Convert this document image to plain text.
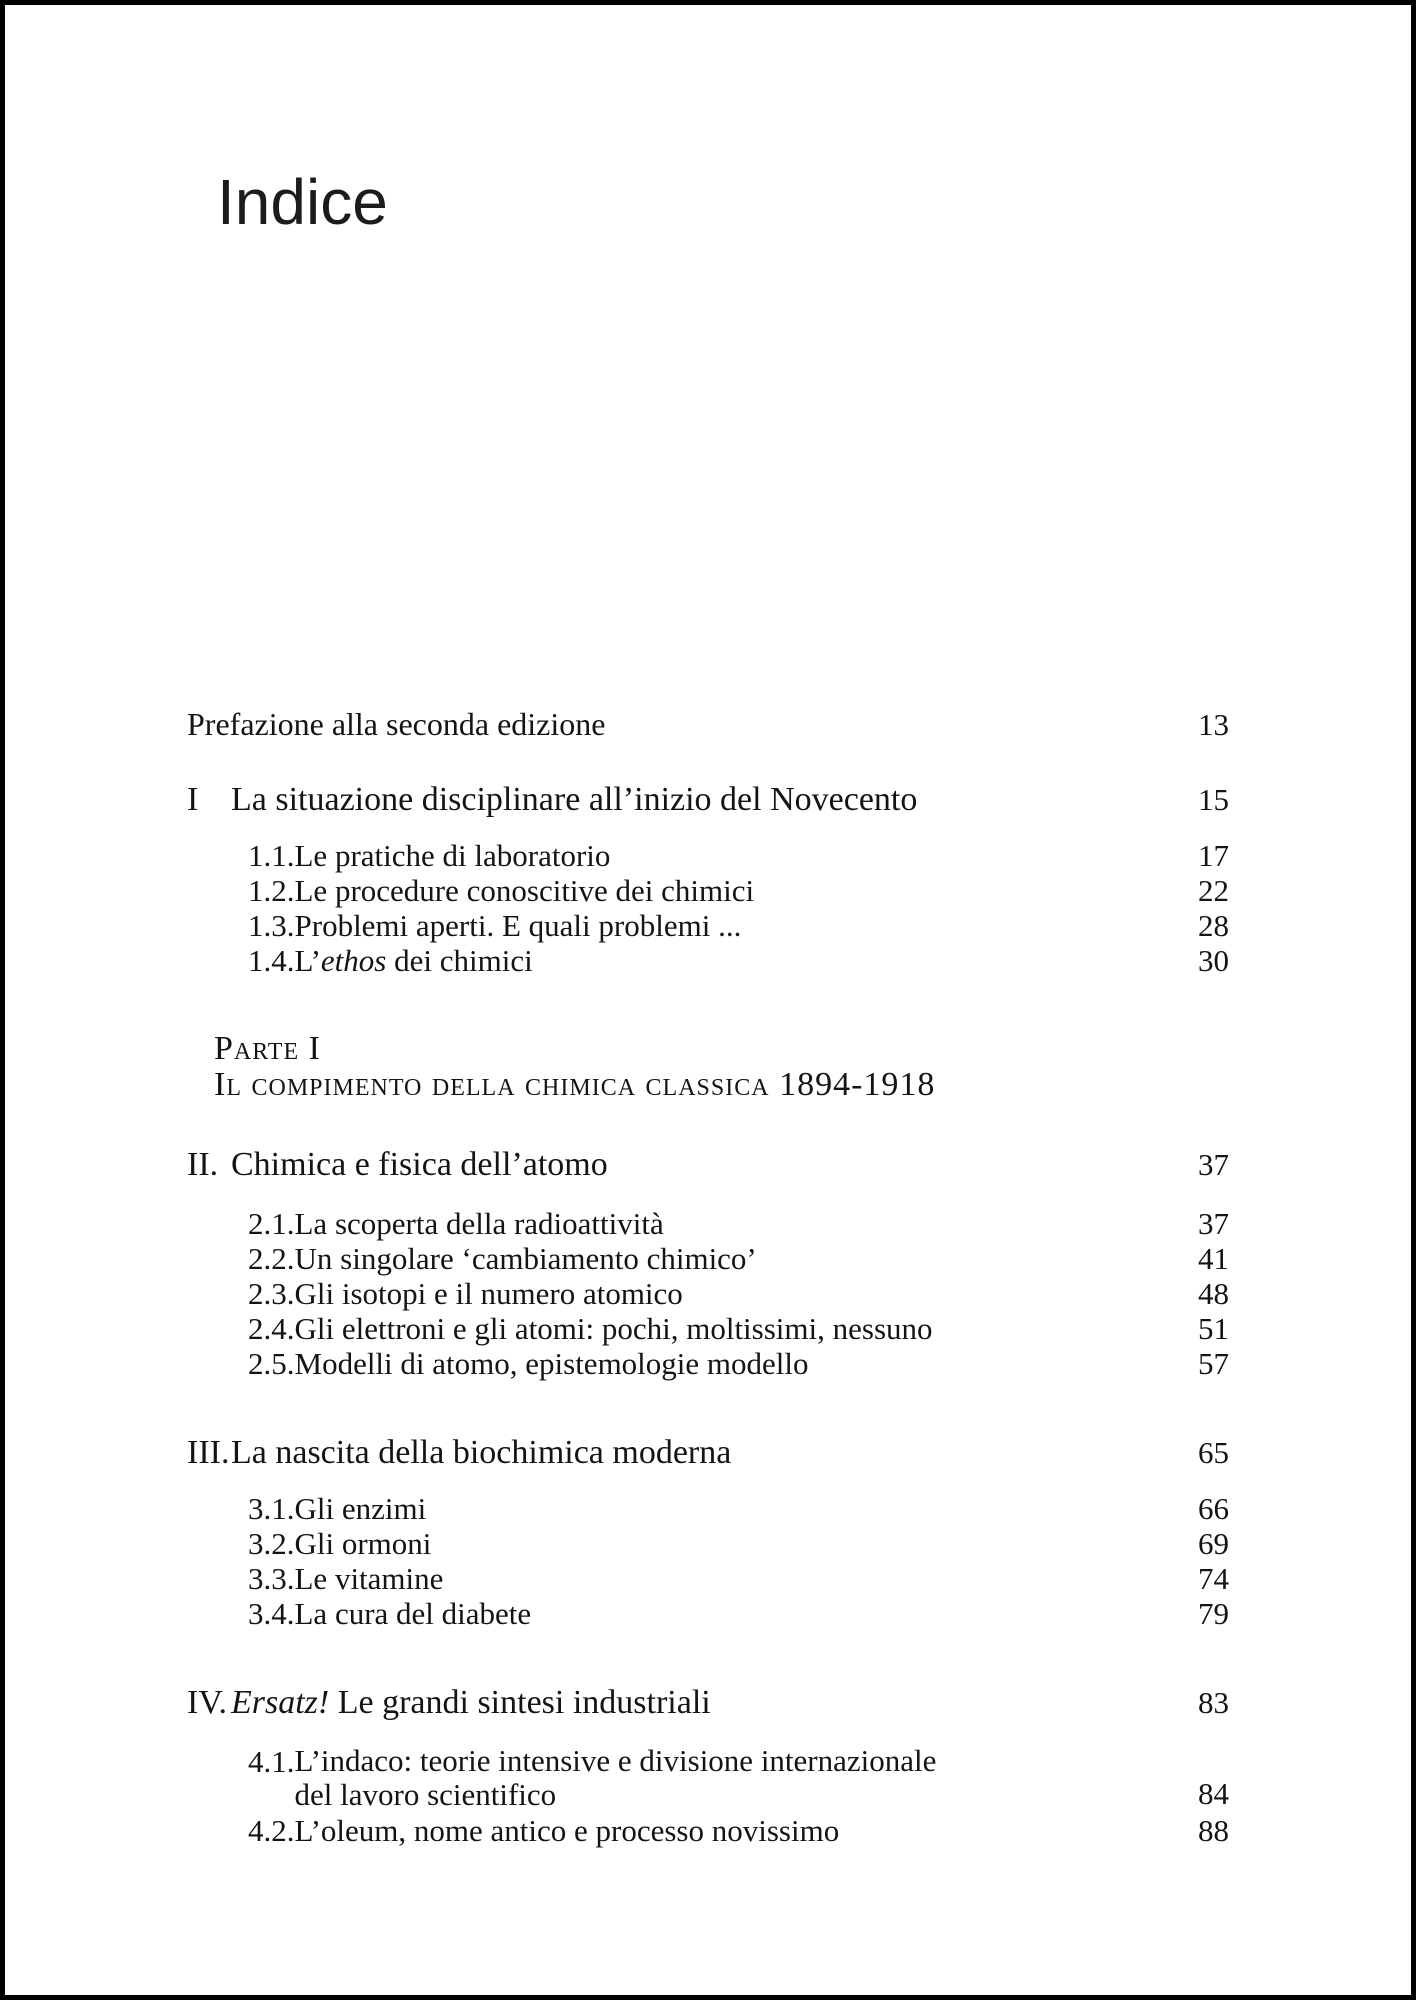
Indice
Prefazione alla seconda edizione	13
I La situazione disciplinare all’inizio del Novecento	15
1.1. Le pratiche di laboratorio	17
1.2. Le procedure conoscitive dei chimici	22
1.3. Problemi aperti. E quali problemi ...	28
1.4. L’ethos dei chimici	30
Parte I
Il compimento della chimica classica 1894-1918
II. Chimica e fisica dell’atomo	37
2.1. La scoperta della radioattività	37
2.2. Un singolare ‘cambiamento chimico’	41
2.3. Gli isotopi e il numero atomico	48
2.4. Gli elettroni e gli atomi: pochi, moltissimi, nessuno	51
2.5. Modelli di atomo, epistemologie modello	57
III. La nascita della biochimica moderna	65
3.1. Gli enzimi	66
3.2. Gli ormoni	69
3.3. Le vitamine	74
3.4. La cura del diabete	79
IV. Ersatz! Le grandi sintesi industriali	83
4.1. L’indaco: teorie intensive e divisione internazionale
del lavoro scientifico	84
4.2. L’oleum, nome antico e processo novissimo	88
